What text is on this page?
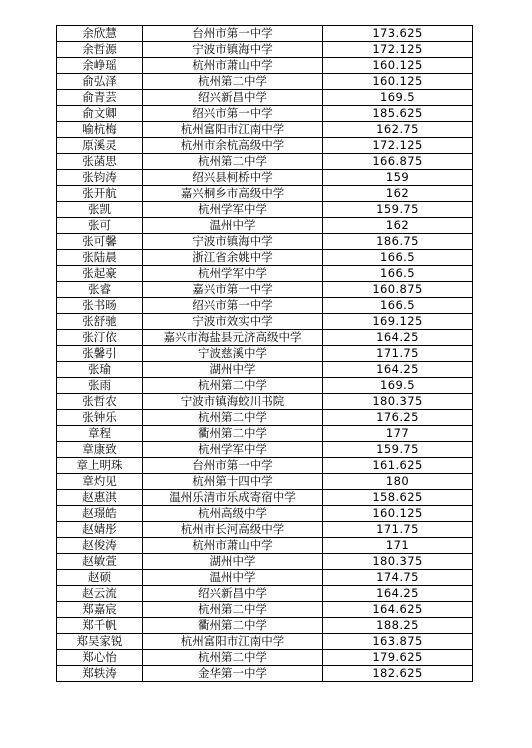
余欣慧	台州市第一中学	173.625
余哲源	宁波市镇海中学	172.125
余峥瑶	杭州市萧山中学	160.125
俞弘泽	杭州第二中学	160.125
俞青芸	绍兴新昌中学	169.5
俞文卿	绍兴市第一中学	185.625
喻杭梅	杭州富阳市江南中学	162.75
原溪灵	杭州市余杭高级中学	172.125
张菡思	杭州第二中学	166.875
张钧涛	绍兴县柯桥中学	159
张开航	嘉兴桐乡市高级中学	162
张凯	杭州学军中学	159.75
张可	温州中学	162
张可馨	宁波市镇海中学	186.75
张陆晨	浙江省余姚中学	166.5
张起豪	杭州学军中学	166.5
张睿	嘉兴市第一中学	160.875
张书旸	绍兴市第一中学	166.5
张舒驰	宁波市效实中学	169.125
张汀依	嘉兴市海盐县元济高级中学	164.25
张馨引	宁波慈溪中学	171.75
张瑜	湖州中学	164.25
张雨	杭州第二中学	169.5
张哲农	宁波市镇海蛟川书院	180.375
张钟乐	杭州第二中学	176.25
章程	衢州第二中学	177
章康致	杭州学军中学	159.75
章上明珠	台州市第一中学	161.625
章灼见	杭州第十四中学	180
赵惠淇	温州乐清市乐成寄宿中学	158.625
赵璟皓	杭州高级中学	160.125
赵婧彤	杭州市长河高级中学	171.75
赵俊涛	杭州市萧山中学	171
赵敏萱	湖州中学	180.375
赵硕	温州中学	174.75
赵云流	绍兴新昌中学	164.25
郑嘉宸	杭州第二中学	164.625
郑千帆	衢州第二中学	188.25
郑吴家锐	杭州富阳市江南中学	163.875
郑心怡	杭州第二中学	179.625
郑轶涛	金华第一中学	182.625
